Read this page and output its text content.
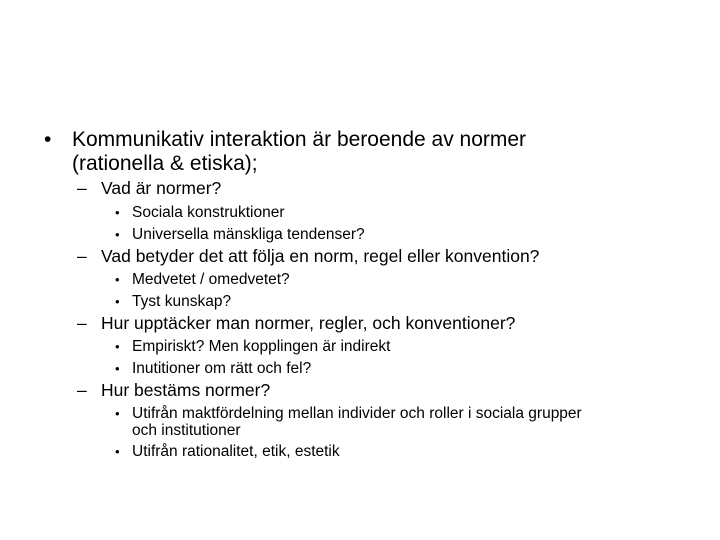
• Kommunikativ interaktion är beroende av normer
(rationella & etiska);
– Vad är normer?
• Sociala konstruktioner
• Universella mänskliga tendenser?
– Vad betyder det att följa en norm, regel eller konvention?
• Medvetet / omedvetet?
• Tyst kunskap?
– Hur upptäcker man normer, regler, och konventioner?
• Empiriskt? Men kopplingen är indirekt
• Inutitioner om rätt och fel?
– Hur bestäms normer?
• Utifrån maktfördelning mellan individer och roller i sociala grupper
och institutioner
• Utifrån rationalitet, etik, estetik
